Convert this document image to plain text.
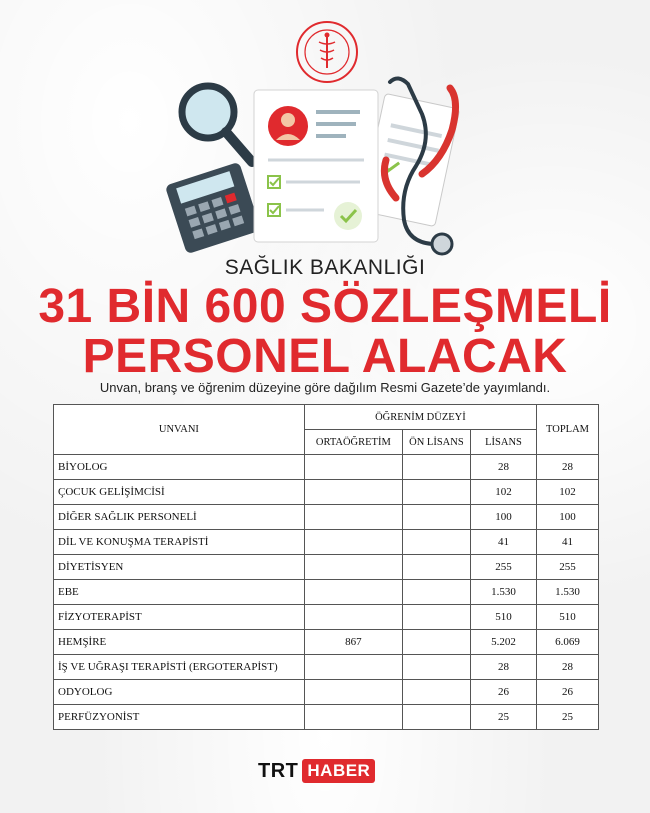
SAĞLIK BAKANLIĞI
31 BİN 600 SÖZLEŞMELİ
PERSONEL ALACAK
Unvan, branş ve öğrenim düzeyine göre dağılım Resmi Gazete’de yayımlandı.
UNVANI	ÖĞRENİM DÜZEYİ			TOPLAM
	ORTAÖĞRETİM	ÖN LİSANS	LİSANS	
BİYOLOG			28	28
ÇOCUK GELİŞİMCİSİ			102	102
DİĞER SAĞLIK PERSONELİ			100	100
DİL VE KONUŞMA TERAPİSTİ			41	41
DİYETİSYEN			255	255
EBE			1.530	1.530
FİZYOTERAPİST			510	510
HEMŞİRE	867		5.202	6.069
İŞ VE UĞRAŞI TERAPİSTİ (ERGOTERAPİST)			28	28
ODYOLOG			26	26
PERFÜZYONİST			25	25
TRT HABER
